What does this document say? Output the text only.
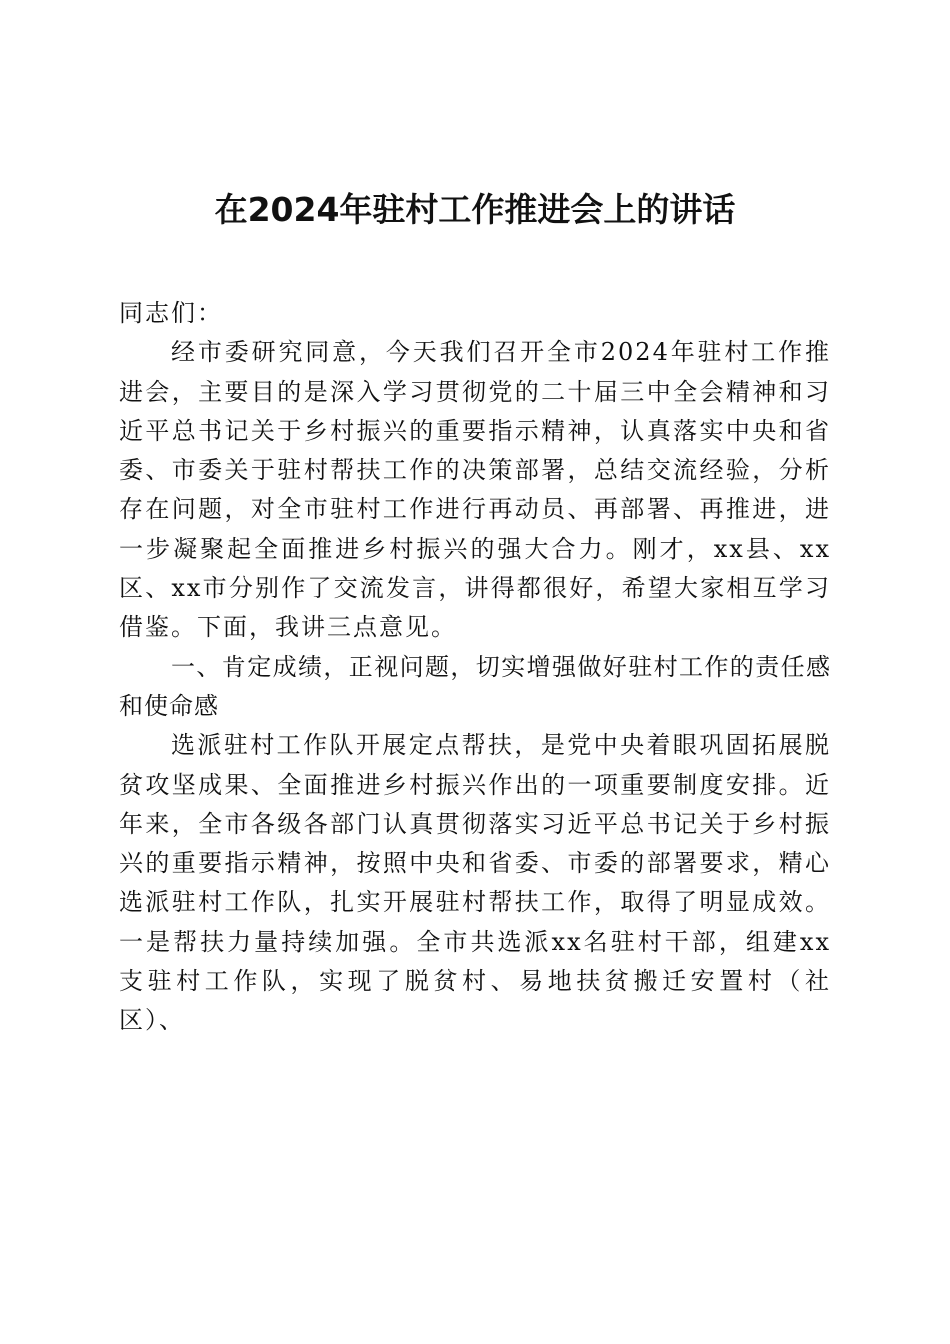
在2024年驻村工作推进会上的讲话

同志们：

经市委研究同意，今天我们召开全市2024年驻村工作推进会，主要目的是深入学习贯彻党的二十届三中全会精神和习近平总书记关于乡村振兴的重要指示精神，认真落实中央和省委、市委关于驻村帮扶工作的决策部署，总结交流经验，分析存在问题，对全市驻村工作进行再动员、再部署、再推进，进一步凝聚起全面推进乡村振兴的强大合力。刚才，xx县、xx区、xx市分别作了交流发言，讲得都很好，希望大家相互学习借鉴。下面，我讲三点意见。

一、肯定成绩，正视问题，切实增强做好驻村工作的责任感和使命感

选派驻村工作队开展定点帮扶，是党中央着眼巩固拓展脱贫攻坚成果、全面推进乡村振兴作出的一项重要制度安排。近年来，全市各级各部门认真贯彻落实习近平总书记关于乡村振兴的重要指示精神，按照中央和省委、市委的部署要求，精心选派驻村工作队，扎实开展驻村帮扶工作，取得了明显成效。一是帮扶力量持续加强。全市共选派xx名驻村干部，组建xx支驻村工作队，实现了脱贫村、易地扶贫搬迁安置村（社区）、
